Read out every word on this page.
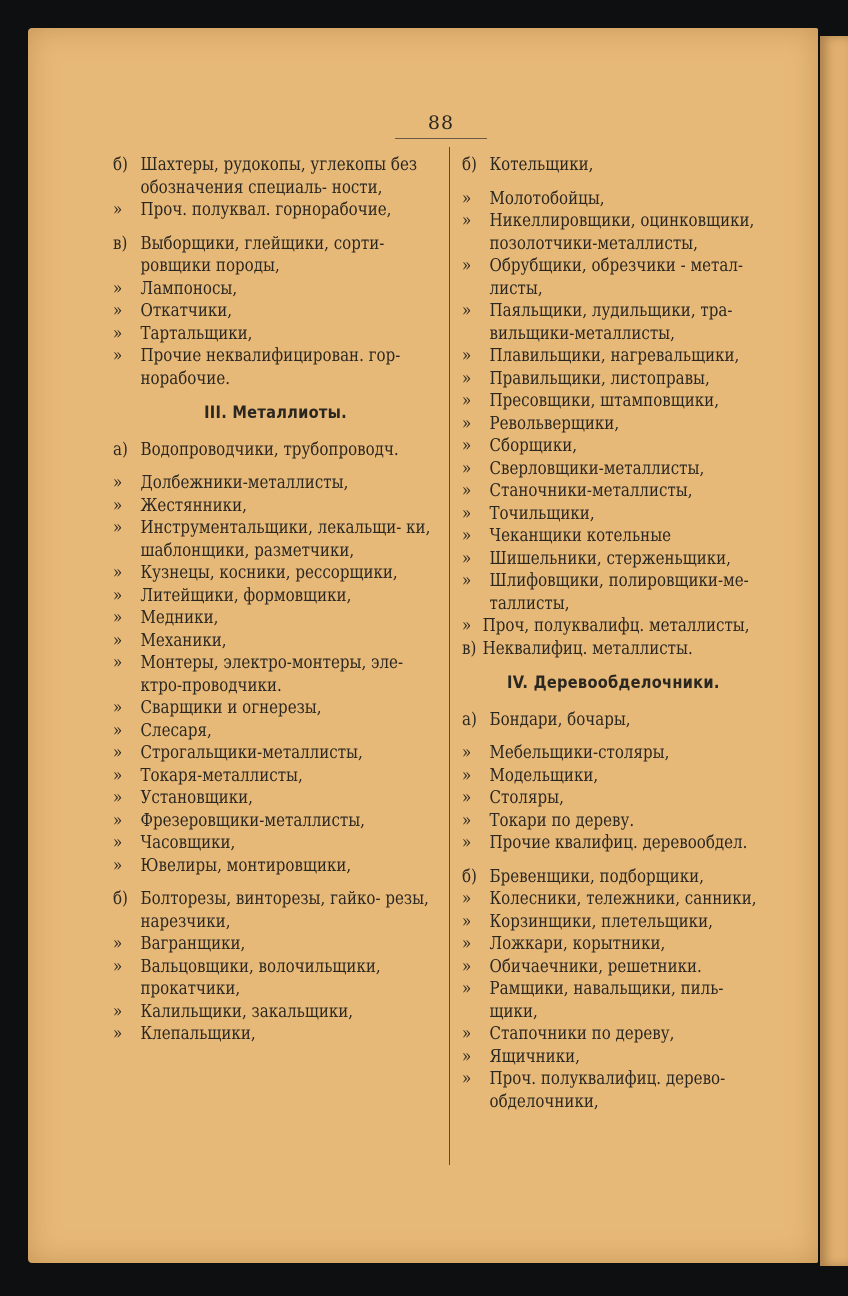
88
б) Шахтеры, рудокопы, углекопы без обозначения специаль- ности,
»	Проч. полуквал. горнорабочие,
в) Выборщики, глейщики, сорти- ровщики породы,
»	Лампоносы,
»	Откатчики,
»	Тартальщики,
»	Прочие неквалифицирован. гор- норабочие.
III. Металлиоты.
а) Водопроводчики, трубопроводч.
»	Долбежники-металлисты,
»	Жестянники,
»	Инструментальщики, лекальщи- ки, шаблонщики, разметчики,
»	Кузнецы, косники, рессорщики,
»	Литейщики, формовщики,
»	Медники,
»	Механики,
»	Монтеры, электро-монтеры, эле- ктро-проводчики.
»	Сварщики и огнерезы,
»	Слесаря,
»	Строгальщики-металлисты,
»	Токаря-металлисты,
»	Установщики,
»	Фрезеровщики-металлисты,
»	Часовщики,
»	Ювелиры, монтировщики,
б) Болторезы, винторезы, гайко- резы, нарезчики,
»	Вагранщики,
»	Вальцовщики, волочильщики, прокатчики,
»	Калильщики, закальщики,
»	Клепальщики,
б) Котельщики,
»	Молотобойцы,
»	Никеллировщики, оцинковщики, позолотчики-металлисты,
»	Обрубщики, обрезчики - метал- листы,
»	Паяльщики, лудильщики, тра- вильщики-металлисты,
»	Плавильщики, нагревальщики,
»	Правильщики, листоправы,
»	Пресовщики, штамповщики,
»	Револьверщики,
»	Сборщики,
»	Сверловщики-металлисты,
»	Станочники-металлисты,
»	Точильщики,
»	Чеканщики котельные
»	Шишельники, стерженьщики,
»	Шлифовщики, полировщики-ме- таллисты,
» Проч, полуквалифц. металлисты,
в) Неквалифиц. металлисты.
IV. Деревообделочники.
а) Бондари, бочары,
»	Мебельщики-столяры,
»	Модельщики,
»	Столяры,
»	Токари по дереву.
»	Прочие квалифиц. деревообдел.
б) Бревенщики, подборщики,
»	Колесники, тележники, санники,
»	Корзинщики, плетельщики,
»	Ложкари, корытники,
»	Обичаечники, решетники.
»	Рамщики, навальщики, пиль- щики,
»	Стапочники по дереву,
»	Ящичники,
»	Проч. полуквалифиц. дерево- обделочники,
